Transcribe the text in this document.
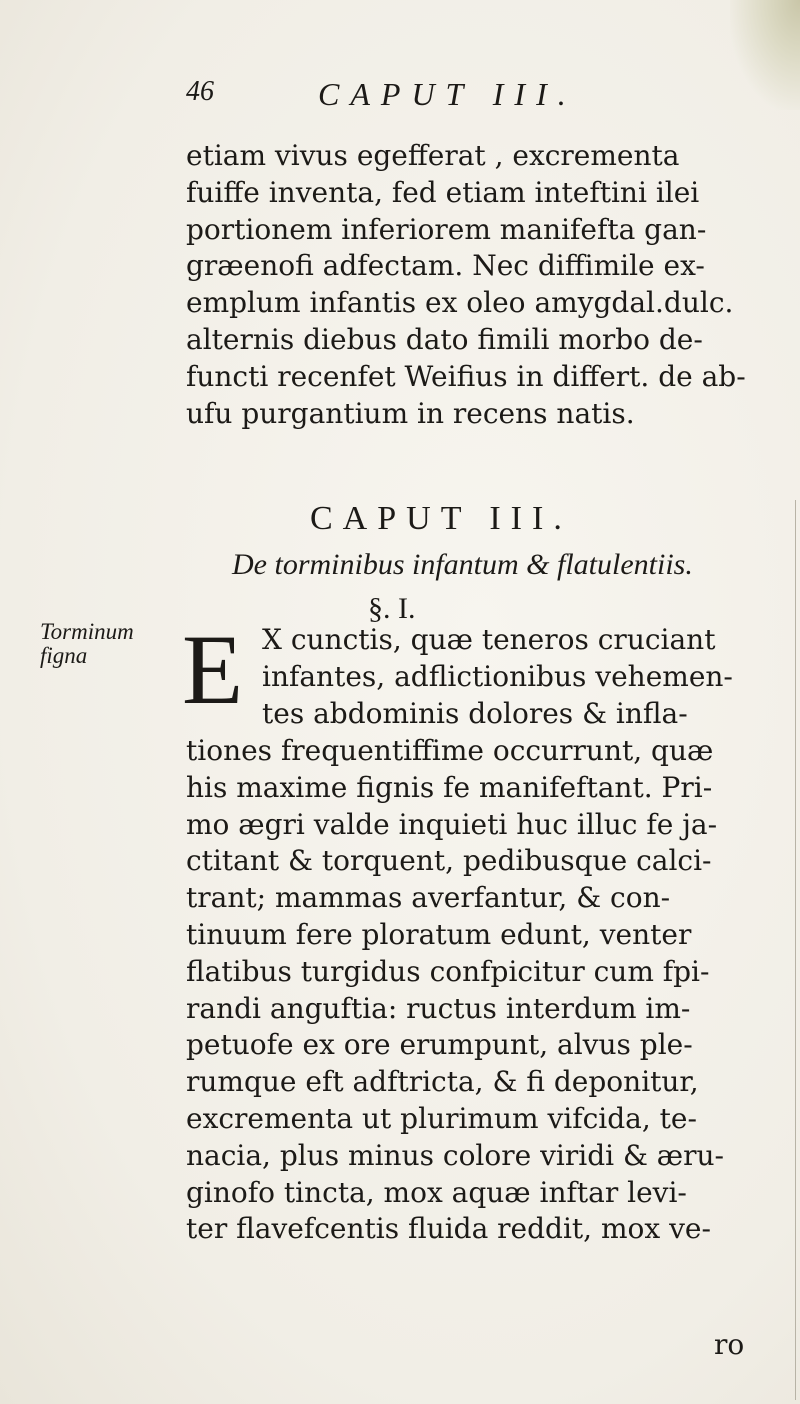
46	CAPUT III.
etiam vivus egefferat , excrementa
fuiffe inventa, fed etiam inteftini ilei
portionem inferiorem manifefta gan-
græenofi adfectam. Nec diffimile ex-
emplum infantis ex oleo amygdal.dulc.
alternis diebus dato fimili morbo de-
functi recenfet Weifius in differt. de ab-
ufu purgantium in recens natis.
CAPUT III.
De torminibus infantum & flatulentiis.
§. I.
Torminum
figna E X cunctis, quæ teneros cruciant
infantes, adflictionibus vehemen-
tes abdominis dolores & infla-
tiones frequentiffime occurrunt, quæ
his maxime fignis fe manifeftant. Pri-
mo ægri valde inquieti huc illuc fe ja-
ctitant & torquent, pedibusque calci-
trant; mammas averfantur, & con-
tinuum fere ploratum edunt, venter
flatibus turgidus confpicitur cum fpi-
randi anguftia: ructus interdum im-
petuofe ex ore erumpunt, alvus ple-
rumque eft adftricta, & fi deponitur,
excrementa ut plurimum vifcida, te-
nacia, plus minus colore viridi & æru-
ginofo tincta, mox aquæ inftar levi-
ter flavefcentis fluida reddit, mox ve-
ro
